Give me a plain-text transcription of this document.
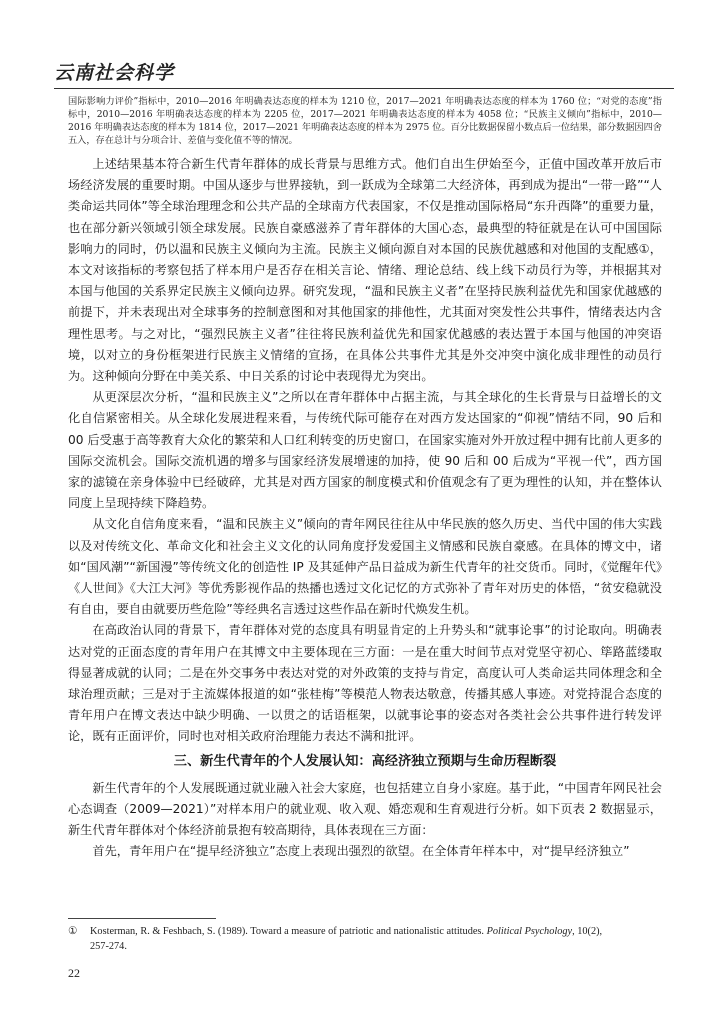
云南社会科学
国际影响力评价”指标中，2010—2016 年明确表达态度的样本为 1210 位，2017—2021 年明确表达态度的样本为 1760 位；“对党的态度”指标中，2010—2016 年明确表达态度的样本为 2205 位，2017—2021 年明确表达态度的样本为 4058 位；“民族主义倾向”指标中，2010—2016 年明确表达态度的样本为 1814 位，2017—2021 年明确表达态度的样本为 2975 位。百分比数据保留小数点后一位结果，部分数据因四舍五入，存在总计与分项合计、差值与变化值不等的情况。

上述结果基本符合新生代青年群体的成长背景与思维方式。他们自出生伊始至今，正值中国改革开放后市场经济发展的重要时期。中国从逐步与世界接轨，到一跃成为全球第二大经济体，再到成为提出“一带一路”“人类命运共同体”等全球治理理念和公共产品的全球南方代表国家，不仅是推动国际格局“东升西降”的重要力量，也在部分新兴领域引领全球发展。民族自豪感滋养了青年群体的大国心态，最典型的特征就是在认可中国国际影响力的同时，仍以温和民族主义倾向为主流。民族主义倾向源自对本国的民族优越感和对他国的支配感①，本文对该指标的考察包括了样本用户是否存在相关言论、情绪、理论总结、线上线下动员行为等，并根据其对本国与他国的关系界定民族主义倾向边界。研究发现，“温和民族主义者”在坚持民族利益优先和国家优越感的前提下，并未表现出对全球事务的控制意图和对其他国家的排他性，尤其面对突发性公共事件，情绪表达内含理性思考。与之对比，“强烈民族主义者”往往将民族利益优先和国家优越感的表达置于本国与他国的冲突语境，以对立的身份框架进行民族主义情绪的宣扬，在具体公共事件尤其是外交冲突中演化成非理性的动员行为。这种倾向分野在中美关系、中日关系的讨论中表现得尤为突出。

从更深层次分析，“温和民族主义”之所以在青年群体中占据主流，与其全球化的生长背景与日益增长的文化自信紧密相关。从全球化发展进程来看，与传统代际可能存在对西方发达国家的“仰视”情结不同，90 后和 00 后受惠于高等教育大众化的繁荣和人口红利转变的历史窗口，在国家实施对外开放过程中拥有比前人更多的国际交流机会。国际交流机遇的增多与国家经济发展增速的加持，使 90 后和 00 后成为“平视一代”，西方国家的滤镜在亲身体验中已经破碎，尤其是对西方国家的制度模式和价值观念有了更为理性的认知，并在整体认同度上呈现持续下降趋势。

从文化自信角度来看，“温和民族主义”倾向的青年网民往往从中华民族的悠久历史、当代中国的伟大实践以及对传统文化、革命文化和社会主义文化的认同角度抒发爱国主义情感和民族自豪感。在具体的博文中，诸如“国风潮”“新国漫”等传统文化的创造性 IP 及其延伸产品日益成为新生代青年的社交货币。同时，《觉醒年代》《人世间》《大江大河》等优秀影视作品的热播也透过文化记忆的方式弥补了青年对历史的体悟，“贫安稳就没有自由，要自由就要历些危险”等经典名言透过这些作品在新时代焕发生机。

在高政治认同的背景下，青年群体对党的态度具有明显肯定的上升势头和“就事论事”的讨论取向。明确表达对党的正面态度的青年用户在其博文中主要体现在三方面：一是在重大时间节点对党坚守初心、筚路蓝缕取得显著成就的认同；二是在外交事务中表达对党的对外政策的支持与肯定，高度认可人类命运共同体理念和全球治理贡献；三是对于主流媒体报道的如“张桂梅”等模范人物表达敬意，传播其感人事迹。对党持混合态度的青年用户在博文表达中缺少明确、一以贯之的话语框架，以就事论事的姿态对各类社会公共事件进行转发评论，既有正面评价，同时也对相关政府治理能力表达不满和批评。

三、新生代青年的个人发展认知：高经济独立预期与生命历程断裂

新生代青年的个人发展既通过就业融入社会大家庭，也包括建立自身小家庭。基于此，“中国青年网民社会心态调查（2009—2021）”对样本用户的就业观、收入观、婚恋观和生育观进行分析。如下页表 2 数据显示，新生代青年群体对个体经济前景抱有较高期待，具体表现在三方面：

首先，青年用户在“提早经济独立”态度上表现出强烈的欲望。在全体青年样本中，对“提早经济独立”

① Kosterman, R. & Feshbach, S. (1989). Toward a measure of patriotic and nationalistic attitudes. Political Psychology, 10(2),
257-274.
22
